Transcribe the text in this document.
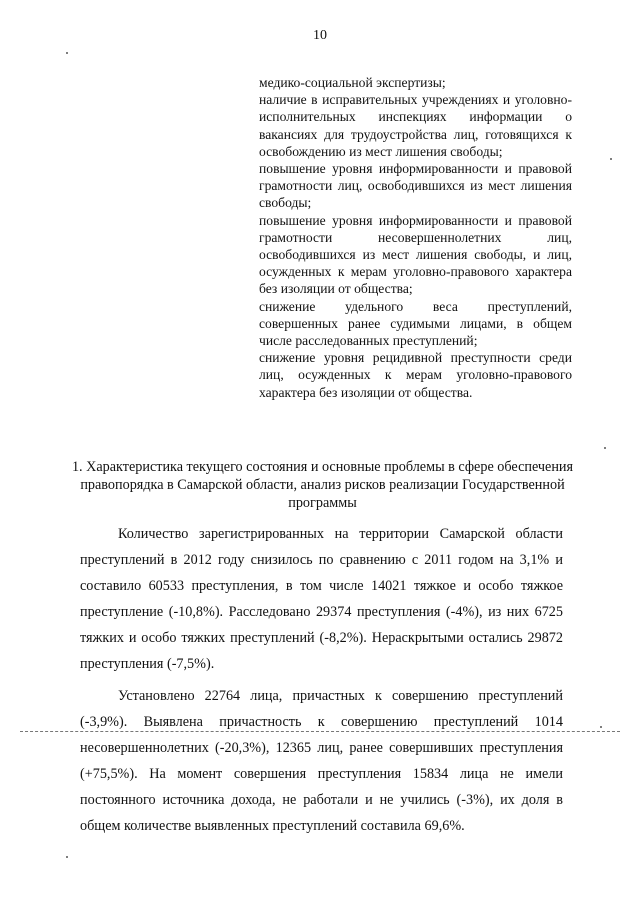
10

медико-социальной экспертизы;

наличие в исправительных учреждениях и уголовно-исполнительных инспекциях информации о вакансиях для трудоустройства лиц, готовящихся к освобождению из мест лишения свободы;

повышение уровня информированности и правовой грамотности лиц, освободившихся из мест лишения свободы;

повышение уровня информированности и правовой грамотности несовершеннолетних лиц, освободившихся из мест лишения свободы, и лиц, осужденных к мерам уголовно-правового характера без изоляции от общества;

снижение удельного веса преступлений, совершенных ранее судимыми лицами, в общем числе расследованных преступлений;

снижение уровня рецидивной преступности среди лиц, осужденных к мерам уголовно-правового характера без изоляции от общества.

1. Характеристика текущего состояния и основные проблемы в сфере обеспечения правопорядка в Самарской области, анализ рисков реализации Государственной программы

Количество зарегистрированных на территории Самарской области преступлений в 2012 году снизилось по сравнению с 2011 годом на 3,1% и составило 60533 преступления, в том числе 14021 тяжкое и особо тяжкое преступление (-10,8%). Расследовано 29374 преступления (-4%), из них 6725 тяжких и особо тяжких преступлений (-8,2%). Нераскрытыми остались 29872 преступления (-7,5%).

Установлено 22764 лица, причастных к совершению преступлений (-3,9%). Выявлена причастность к совершению преступлений 1014 несовершеннолетних (-20,3%), 12365 лиц, ранее совершивших преступления (+75,5%). На момент совершения преступления 15834 лица не имели постоянного источника дохода, не работали и не учились (-3%), их доля в общем количестве выявленных преступлений составила 69,6%.
